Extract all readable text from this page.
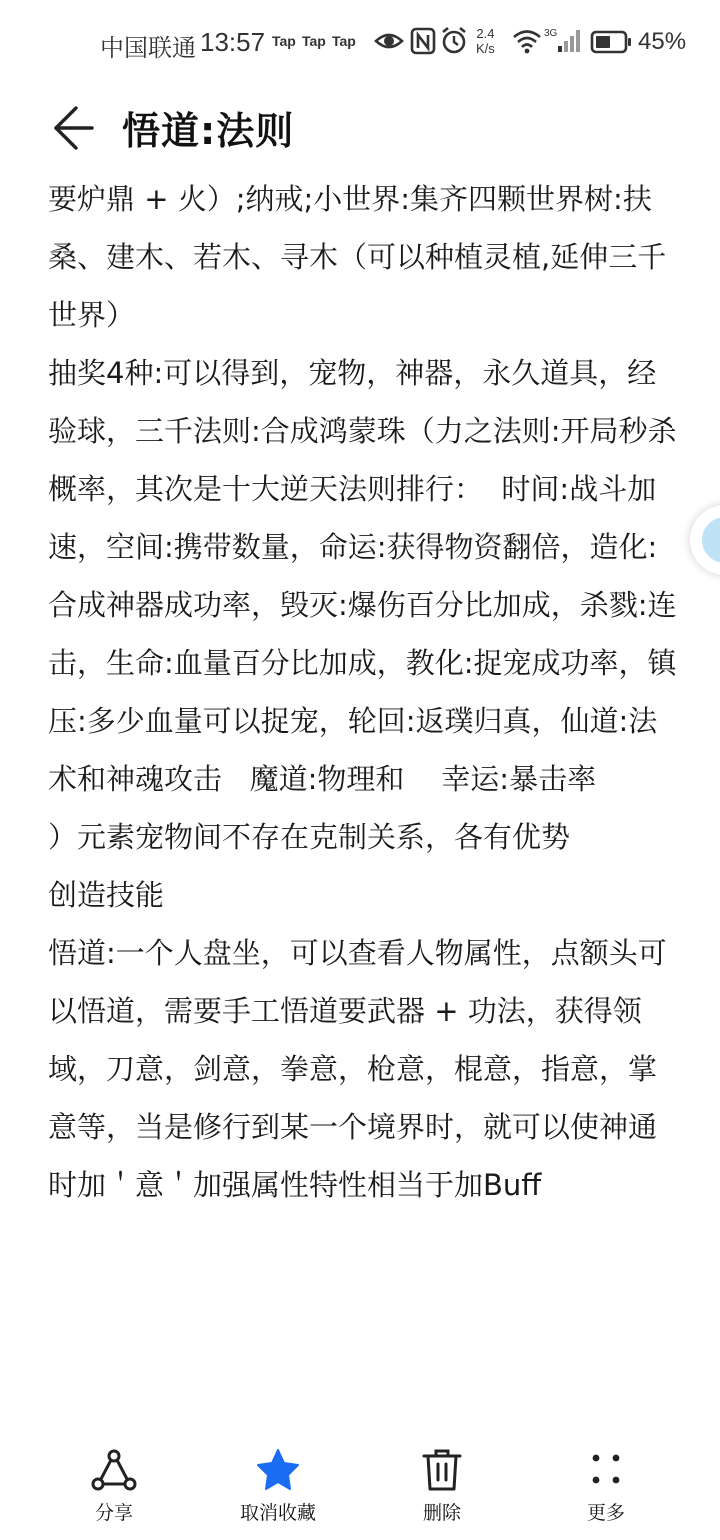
中国联通 13:57 Tap Tap Tap	2.4
K/s
3G	45%
悟道:法则

要炉鼎 + 火）;纳戒;小世界:集齐四颗世界树:扶桑、建木、若木、寻木（可以种植灵植,延伸三千世界）

抽奖4种:可以得到，宠物，神器，永久道具，经验球，三千法则:合成鸿蒙珠（力之法则:开局秒杀概率，其次是十大逆天法则排行：  时间:战斗加速，空间:携带数量，命运:获得物资翻倍，造化:合成神器成功率，毁灭:爆伤百分比加成，杀戮:连击，生命:血量百分比加成，教化:捉宠成功率，镇压:多少血量可以捉宠，轮回:返璞归真，仙道:法术和神魂攻击   魔道:物理和    幸运:暴击率

）元素宠物间不存在克制关系，各有优势

创造技能

悟道:一个人盘坐，可以查看人物属性，点额头可以悟道，需要手工悟道要武器 + 功法，获得领域，刀意，剑意，拳意，枪意，棍意，指意，掌意等，当是修行到某一个境界时，就可以使神通时加＇意＇加强属性特性相当于加Buff

分享	取消收藏	删除	更多
